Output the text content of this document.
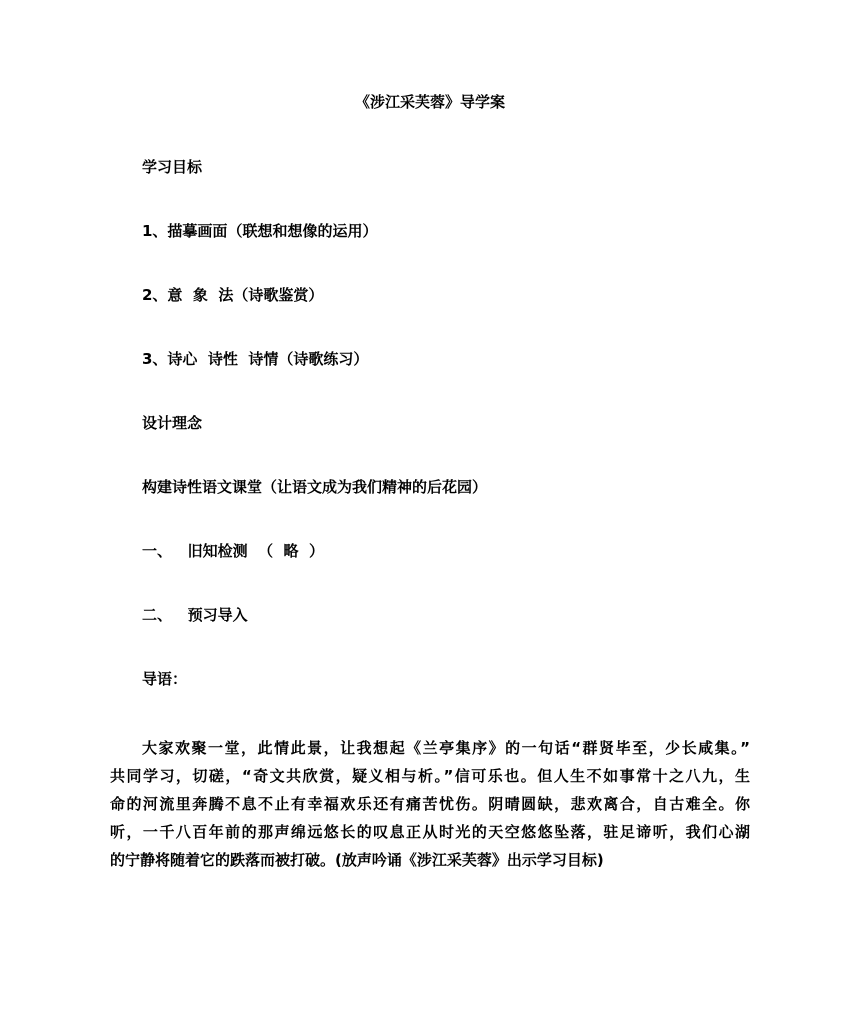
《涉江采芙蓉》导学案
学习目标
1、描摹画面（联想和想像的运用）
2、意  象  法（诗歌鉴赏）
3、诗心  诗性  诗情（诗歌练习）
设计理念
构建诗性语文课堂（让语文成为我们精神的后花园）
一、   旧知检测  （  略  ）
二、   预习导入
导语：
大家欢聚一堂，此情此景，让我想起《兰亭集序》的一句话“群贤毕至，少长咸集。”
共同学习，切磋，“奇文共欣赏，疑义相与析。”信可乐也。但人生不如事常十之八九，生
命的河流里奔腾不息不止有幸福欢乐还有痛苦忧伤。阴晴圆缺，悲欢离合，自古难全。你
听，一千八百年前的那声绵远悠长的叹息正从时光的天空悠悠坠落，驻足谛听，我们心湖
的宁静将随着它的跌落而被打破。(放声吟诵《涉江采芙蓉》出示学习目标)
